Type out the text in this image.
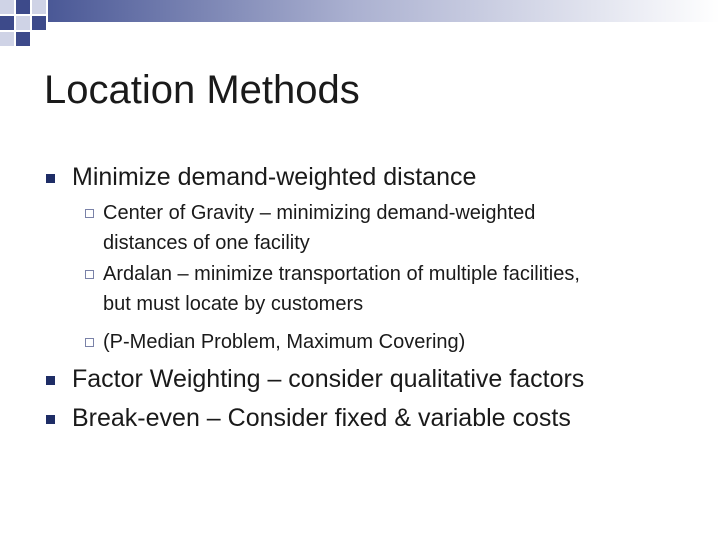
Location Methods
Minimize demand-weighted distance
Center of Gravity – minimizing demand-weighted
distances of one facility
Ardalan – minimize transportation of multiple facilities,
but must locate by customers
(P-Median Problem, Maximum Covering)
Factor Weighting – consider qualitative factors
Break-even – Consider fixed & variable costs
